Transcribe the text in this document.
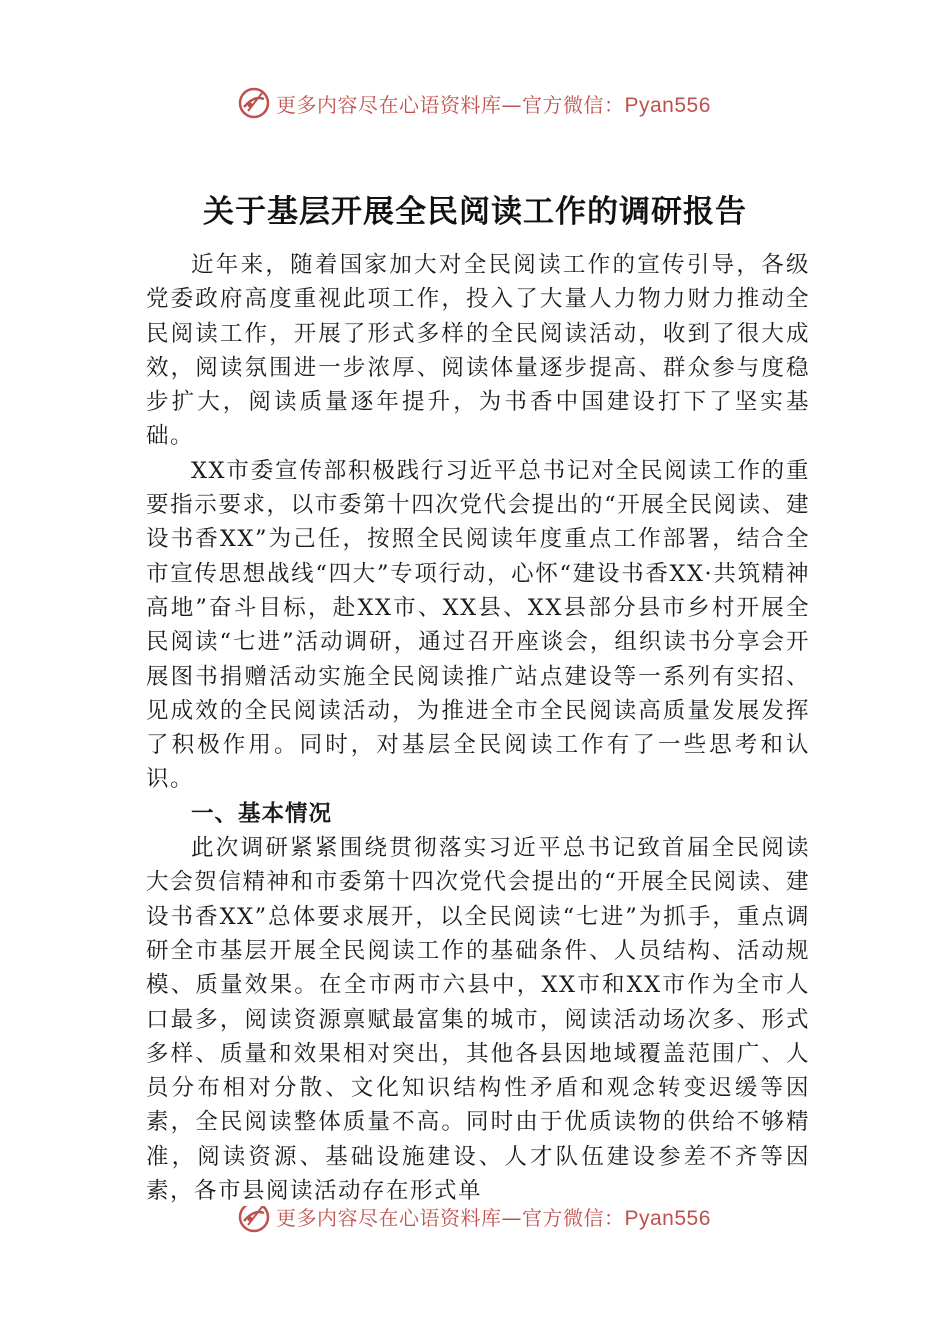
更多内容尽在心语资料库—官方微信：Pyan556
关于基层开展全民阅读工作的调研报告

近年来，随着国家加大对全民阅读工作的宣传引导，各级党委政府高度重视此项工作，投入了大量人力物力财力推动全民阅读工作，开展了形式多样的全民阅读活动，收到了很大成效，阅读氛围进一步浓厚、阅读体量逐步提高、群众参与度稳步扩大，阅读质量逐年提升，为书香中国建设打下了坚实基础。

XX市委宣传部积极践行习近平总书记对全民阅读工作的重要指示要求，以市委第十四次党代会提出的“开展全民阅读、建设书香XX”为己任，按照全民阅读年度重点工作部署，结合全市宣传思想战线“四大”专项行动，心怀“建设书香XX·共筑精神高地”奋斗目标，赴XX市、XX县、XX县部分县市乡村开展全民阅读“七进”活动调研，通过召开座谈会，组织读书分享会开展图书捐赠活动实施全民阅读推广站点建设等一系列有实招、见成效的全民阅读活动，为推进全市全民阅读高质量发展发挥了积极作用。同时，对基层全民阅读工作有了一些思考和认识。

一、基本情况

此次调研紧紧围绕贯彻落实习近平总书记致首届全民阅读大会贺信精神和市委第十四次党代会提出的“开展全民阅读、建设书香XX”总体要求展开，以全民阅读“七进”为抓手，重点调研全市基层开展全民阅读工作的基础条件、人员结构、活动规模、质量效果。在全市两市六县中，XX市和XX市作为全市人口最多，阅读资源禀赋最富集的城市，阅读活动场次多、形式多样、质量和效果相对突出，其他各县因地域覆盖范围广、人员分布相对分散、文化知识结构性矛盾和观念转变迟缓等因素，全民阅读整体质量不高。同时由于优质读物的供给不够精准，阅读资源、基础设施建设、人才队伍建设参差不齐等因素，各市县阅读活动存在形式单

更多内容尽在心语资料库—官方微信：Pyan556
